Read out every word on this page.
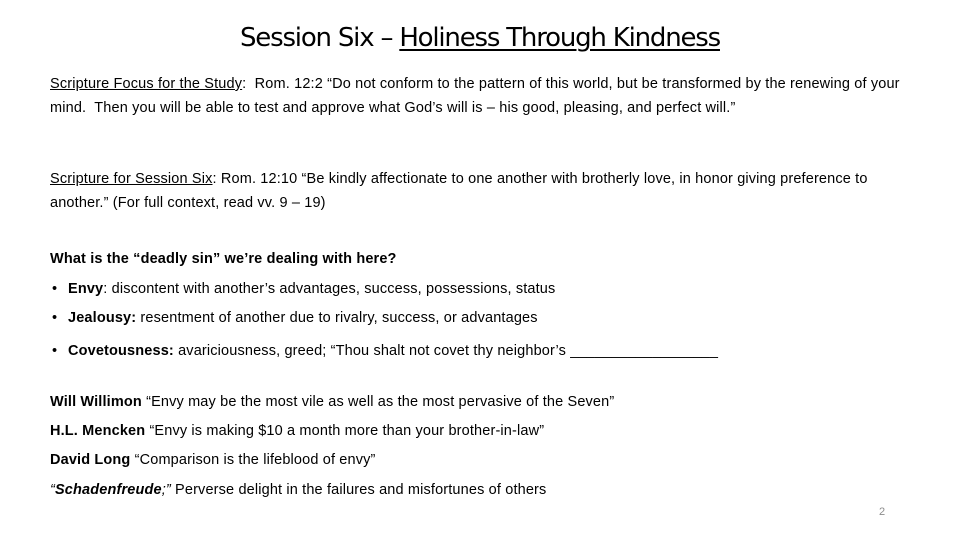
Session Six – Holiness Through Kindness
Scripture Focus for the Study:  Rom. 12:2 “Do not conform to the pattern of this world, but be transformed by the renewing of your mind.  Then you will be able to test and approve what God’s will is – his good, pleasing, and perfect will.”
Scripture for Session Six: Rom. 12:10 “Be kindly affectionate to one another with brotherly love, in honor giving preference to another.” (For full context, read vv. 9 – 19)
What is the “deadly sin” we’re dealing with here?
• Envy: discontent with another’s advantages, success, possessions, status
• Jealousy: resentment of another due to rivalry, success, or advantages
• Covetousness: avariciousness, greed; “Thou shalt not covet thy neighbor’s __________________
Will Willimon “Envy may be the most vile as well as the most pervasive of the Seven”
H.L. Mencken “Envy is making $10 a month more than your brother-in-law”
David Long “Comparison is the lifeblood of envy”
“Schadenfreude;” Perverse delight in the failures and misfortunes of others
2
